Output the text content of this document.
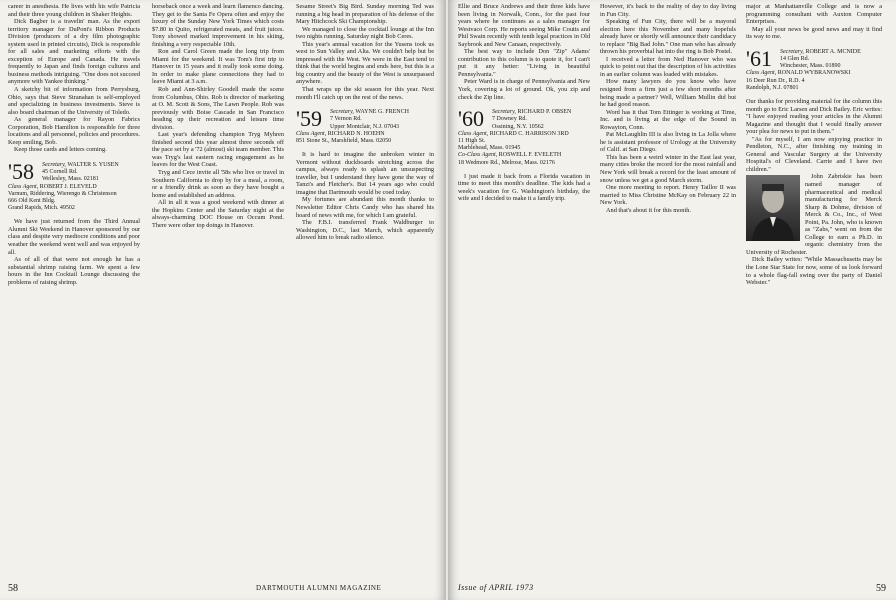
career in anesthesia. He lives with his wife Patricia and their three young children in Shaker Heights.

Dick Bagber is a travelin' man. As the export territory manager for DuPont's Ribbon Products Division (producers of a dry film photographic system used in printed circuits), Dick is responsible for all sales and marketing efforts with the exception of Europe and Canada. He travels frequently to Japan and finds foreign cultures and business methods intriguing. "One does not succeed anymore with Yankee thinking."

A sketchy bit of information from Perrysburg, Ohio, says that Steve Stranahan is self-employed and specializing in business investments. Steve is also board chairman of the University of Toledo.

As general manager for Rayon Fabrics Corporation, Bob Hamilton is responsible for three locations and all personnel, policies and procedures. Keep smiling, Bob.

Keep those cards and letters coming.

'58	Secretary, WALTER S. YUSEN
45 Cornell Rd.
Wellesley, Mass. 02181
Class Agent, ROBERT J. ELEVELD
Varnum, Riddering, Wierengo & Christenson
666 Old Kent Bldg.
Grand Rapids, Mich. 49502

We have just returned from the Third Annual Alumni Ski Weekend in Hanover sponsored by our class and despite very mediocre conditions and poor weather the weekend went well and was enjoyed by all.

As of all of that were not enough he has a substantial shrimp raising farm. We spent a few hours in the Inn Cocktail Lounge discussing the problems of raising shrimp.

horseback once a week and learn flamenco dancing. They get to the Santa Fe Opera often and enjoy the luxury of the Sunday New York Times which costs $7.80 in Quito, refrigerated meats, and fruit juices. Tony showed marked improvement in his skiing, finishing a very respectable 10th.

Ron and Carol Green made the long trip from Miami for the weekend. It was Tom's first trip to Hanover in 15 years and it really took some doing. In order to make plane connections they had to leave Miami at 3 a.m.

Rob and Ann-Shirley Goodell made the scene from Columbus, Ohio. Rob is director of marketing at O. M. Scott & Sons, The Lawn People. Rob was previously with Boise Cascade in San Francisco heading up their recreation and leisure time division.

Last year's defending champion Tryg Myhren finished second this year almost three seconds off the pace set by a '72 (almost) ski team member. This was Tryg's last eastern racing engagement as he leaves for the West Coast.

Tryg and Cece invite all '58s who live or travel in Southern California to drop by for a meal, a room, or a friendly drink as soon as they have bought a home and established an address.

All in all it was a good weekend with dinner at the Hopkins Center and the Saturday night at the always-charming DOC House on Occum Pond. There were other top doings in Hanover.

Sesame Street's Big Bird. Sunday morning Ted was running a big head in preparation of his defense of the Mary Hitchcock Ski Championship.

We managed to close the cocktail lounge at the Inn two nights running. Saturday night Bob Ceres.

This year's annual vacation for the Yusens took us west to Sun Valley and Alta. We couldn't help but be impressed with the West. We were in the East tend to think that the world begins and ends here, but this is a big country and the beauty of the West is unsurpassed anywhere.

That wraps up the ski season for this year. Next month I'll catch up on the rest of the news.

'59	Secretary, WAYNE G. FRENCH
7 Vernon Rd.
Upper Montclair, N.J. 07043
Class Agent, RICHARD N. HOEHN
851 Stone St., Marshfield, Mass. 02050

It is hard to imagine the unbroken winter in Vermont without duckboards stretching across the campus, always ready to splash an unsuspecting traveller, but I understand they have gone the way of Tanzi's and Fletcher's. But 14 years ago who could imagine that Dartmouth would be coed today.

My fortunes are abundant this month thanks to Newsletter Editor Chris Candy who has shared his hoard of news with me, for which I am grateful.

The F.B.I. transferred Frank Waldburger to Washington, D.C., last March, which apparently allowed him to break radio silence.

58	DARTMOUTH ALUMNI MAGAZINE

Ellie and Bruce Andrews and their three kids have been living in Norwalk, Conn., for the past four years where he continues as a sales manager for Westvaco Corp. He reports seeing Mike Coutts and Phil Swain recently with tenth legal practices in Old Saybrook and New Canaan, respectively.

The best way to include Don "Zip" Adams' contribution to this column is to quote it, for I can't put it any better: "Living in beautiful Pennsylvania."

Peter Ward is in charge of Pennsylvania and New York, covering a lot of ground. Ok, you zip and check the Zip line.

'60	Secretary, RICHARD P. OBSEN
7 Downey Rd.
Ossining, N.Y. 10562
Class Agent, RICHARD C. HARRISON 3RD
11 High St.
Marblehead, Mass. 01945
Co-Class Agent, ROSWELL F. EVELETH
18 Wedmore Rd., Melrose, Mass. 02176

I just made it back from a Florida vacation in time to meet this month's deadline. The kids had a week's vacation for G. Washington's birthday, the wife and I decided to make it a family trip.

However, it's back to the reality of day to day living in Fun City.

Speaking of Fun City, there will be a mayoral election here this November and many hopefuls already have or shortly will announce their candidacy to replace "Big Bad John." One man who has already thrown his proverbial hat into the ring is Bob Postel.

I received a letter from Ned Hanover who was quick to point out that the description of his activities in an earlier column was loaded with mistakes.

How many lawyers do you know who have resigned from a firm just a few short months after being made a partner? Well, William Mullin did but he had good reason.

Word has it that Tom Ettinger is working at Time, Inc. and is living at the edge of the Sound in Rowayton, Conn.

Pat McLaughlin III is also living in La Jolla where he is assistant professor of Urology at the University of Calif. at San Diego.

This has been a weird winter in the East last year, many cities broke the record for the most rainfall and New York will break a record for the least amount of snow unless we get a good March storm.

One more meeting to report. Henry Taillor II was married to Miss Christine McKay on February 22 in New York.

And that's about it for this month.

major at Manhattanville College and is now a programming consultant with Auxton Computer Enterprises.

May all your news be good news and may it find its way to me.

'61	Secretary, ROBERT A. MCNIDE
14 Glen Rd.
Winchester, Mass. 01890
Class Agent, RONALD WYBRANOWSKI
16 Deer Run Dr., R.D. 4
Randolph, N.J. 07801

Our thanks for providing material for the column this month go to Eric Larsen and Dick Bailey. Eric writes: "I have enjoyed reading your articles in the Alumni Magazine and thought that I would finally answer your plea for news to put in them."

"As for myself, I am now enjoying practice in Pendleton, N.C., after finishing my training in General and Vascular Surgery at the University Hospital's of Cleveland. Carrie and I have two children."

John Zabriskie has been named manager of pharmaceutical and medical manufacturing for Merck Sharp & Dohme, division of Merck & Co., Inc., of West Point, Pa. John, who is known as "Zabs," went on from the College to earn a Ph.D. in organic chemistry from the University of Rochester.

Dick Bailey writes: "While Massachusetts may be the Lone Star State for now, some of us look forward to a whole flag-fall swing over the party of Daniel Webster."

Issue of APRIL 1973	59
